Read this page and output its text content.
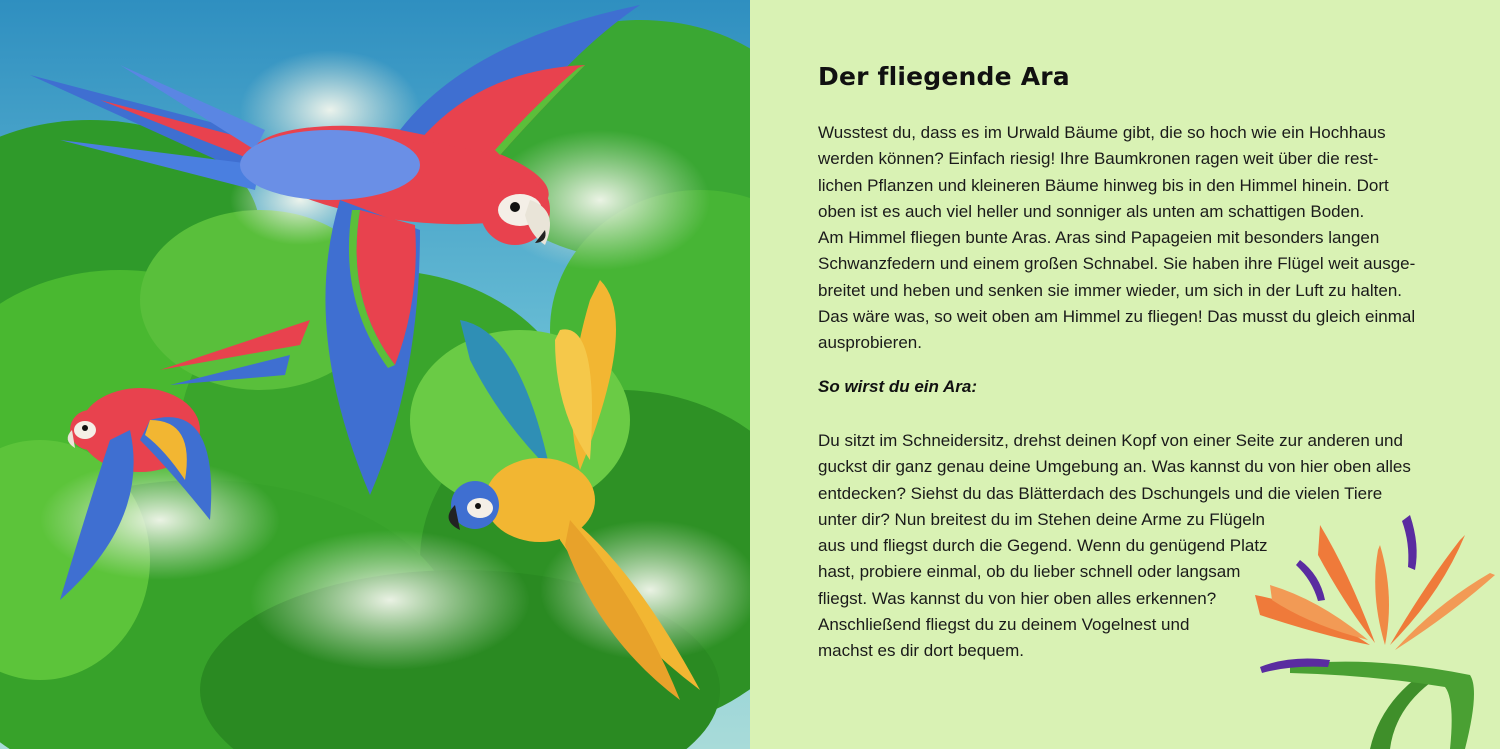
Der fliegende Ara
Wusstest du, dass es im Urwald Bäume gibt, die so hoch wie ein Hochhaus
werden können? Einfach riesig! Ihre Baumkronen ragen weit über die rest-
lichen Pflanzen und kleineren Bäume hinweg bis in den Himmel hinein. Dort
oben ist es auch viel heller und sonniger als unten am schattigen Boden.
Am Himmel fliegen bunte Aras. Aras sind Papageien mit besonders langen
Schwanzfedern und einem großen Schnabel. Sie haben ihre Flügel weit ausge-
breitet und heben und senken sie immer wieder, um sich in der Luft zu halten.
Das wäre was, so weit oben am Himmel zu fliegen! Das musst du gleich einmal
ausprobieren.
So wirst du ein Ara:
Du sitzt im Schneidersitz, drehst deinen Kopf von einer Seite zur anderen und
guckst dir ganz genau deine Umgebung an. Was kannst du von hier oben alles
entdecken? Siehst du das Blätterdach des Dschungels und die vielen Tiere
unter dir? Nun breitest du im Stehen deine Arme zu Flügeln
aus und fliegst durch die Gegend. Wenn du genügend Platz
hast, probiere einmal, ob du lieber schnell oder langsam
fliegst. Was kannst du von hier oben alles erkennen?
Anschließend fliegst du zu deinem Vogelnest und
machst es dir dort bequem.
